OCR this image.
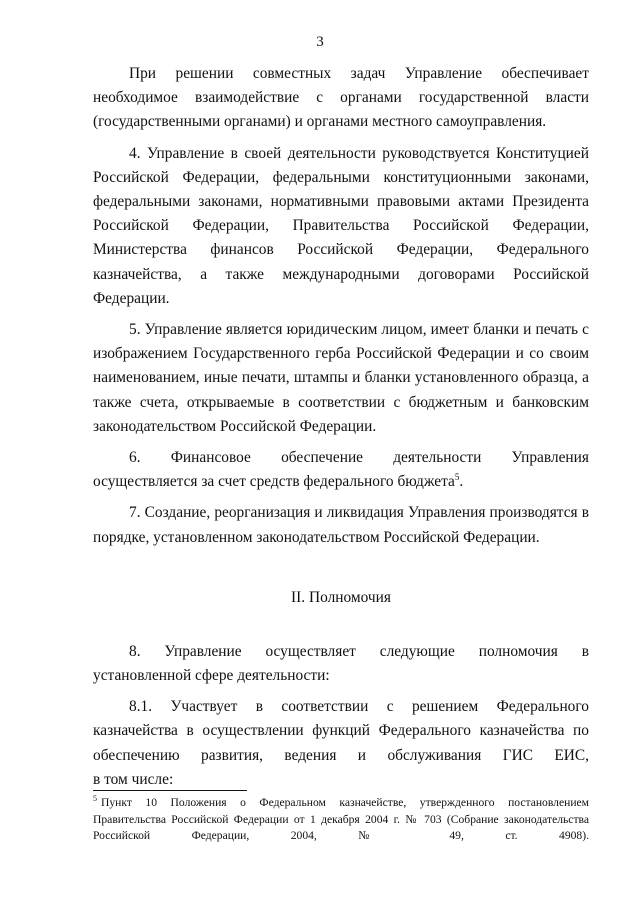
3

При решении совместных задач Управление обеспечивает необходимое взаимодействие с органами государственной власти (государственными органами) и органами местного самоуправления.

4. Управление в своей деятельности руководствуется Конституцией Российской Федерации, федеральными конституционными законами, федеральными законами, нормативными правовыми актами Президента Российской Федерации, Правительства Российской Федерации, Министерства финансов Российской Федерации, Федерального казначейства, а также международными договорами Российской Федерации.

5. Управление является юридическим лицом, имеет бланки и печать с изображением Государственного герба Российской Федерации и со своим наименованием, иные печати, штампы и бланки установленного образца, а также счета, открываемые в соответствии с бюджетным и банковским законодательством Российской Федерации.

6. Финансовое обеспечение деятельности Управления осуществляется за счет средств федерального бюджета$^5$.

7. Создание, реорганизация и ликвидация Управления производятся в порядке, установленном законодательством Российской Федерации.

II. Полномочия

8. Управление осуществляет следующие полномочия в установленной сфере деятельности:

8.1. Участвует в соответствии с решением Федерального казначейства в осуществлении функций Федерального казначейства по обеспечению развития, ведения и обслуживания ГИС ЕИС,

в том числе:

$^5$ Пункт 10 Положения о Федеральном казначействе, утвержденного постановлением Правительства Российской Федерации от 1 декабря 2004 г. № 703 (Собрание законодательства Российской Федерации, 2004, № 49, ст. 4908).
